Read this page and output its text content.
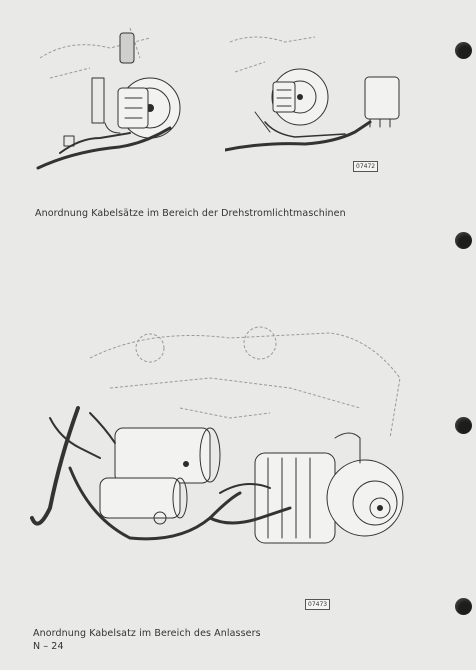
07472
Anordnung Kabelsätze im Bereich der Drehstromlichtmaschinen
07473
Anordnung Kabelsatz im Bereich des Anlassers
N – 24
